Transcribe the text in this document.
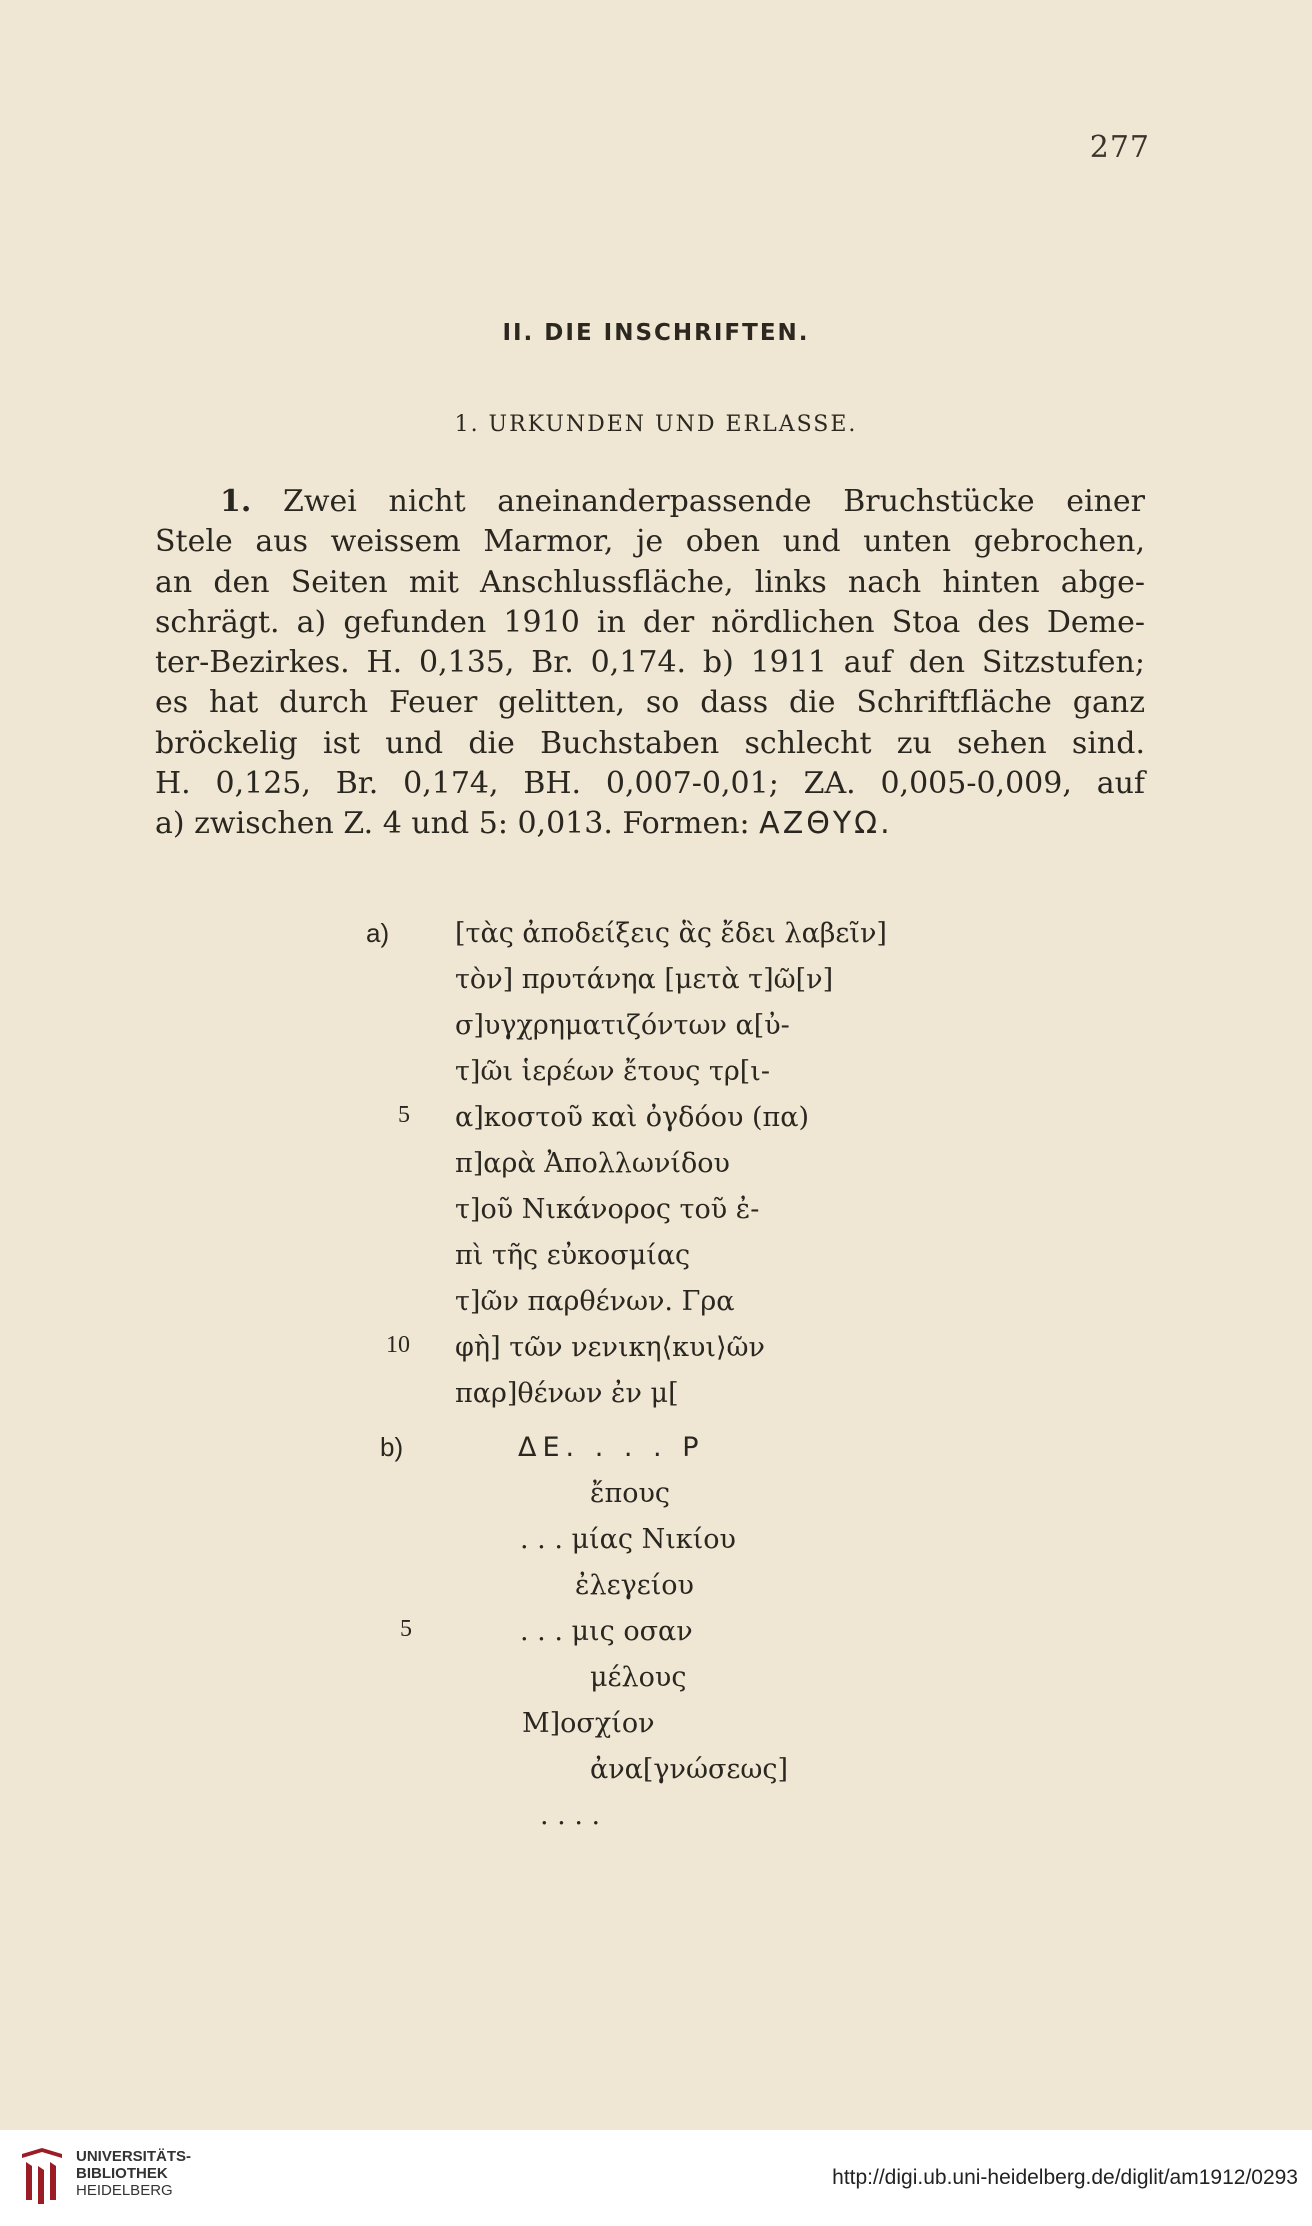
277
II. DIE INSCHRIFTEN.
1. URKUNDEN UND ERLASSE.
1. Zwei nicht aneinanderpassende Bruchstücke einer
Stele aus weissem Marmor, je oben und unten gebrochen,
an den Seiten mit Anschlussfläche, links nach hinten abge-
schrägt. a) gefunden 1910 in der nördlichen Stoa des Deme-
ter-Bezirkes. H. 0,135, Br. 0,174. b) 1911 auf den Sitzstufen;
es hat durch Feuer gelitten, so dass die Schriftfläche ganz
bröckelig ist und die Buchstaben schlecht zu sehen sind.
H. 0,125, Br. 0,174, BH. 0,007-0,01; ZA. 0,005-0,009, auf
a) zwischen Z. 4 und 5: 0,013. Formen: ΑΖΘΥΩ.
a) [τὰς ἀποδείξεις ἃς ἔδει λαβεῖν]
τὸν] πρυτάνηα [μετὰ τ]ῶ[ν]
σ]υγχρηματιζόντων α[ὐ-
τ]ῶι ἱερέων ἔτους τρ[ι-
5 α]κοστοῦ καὶ ὀγδόου (πα)
π]αρὰ Ἀπολλωνίδου
τ]οῦ Νικάνορος τοῦ ἐ-
πὶ τῆς εὐκοσμίας
τ]ῶν παρθένων. Γρα
10 φὴ] τῶν νενικη⟨κυι⟩ῶν
παρ]θένων ἐν μ[
b)	ΔΕ. . . . Ρ
ἔπους
. . . μίας Νικίου
ἐλεγείου
5	. . . μις οσαν
μέλους
Μ]οσχίον
ἀνα[γνώσεως]
. . . .
UNIVERSITÄTS-
BIBLIOTHEK
HEIDELBERG
http://digi.ub.uni-heidelberg.de/diglit/am1912/0293
